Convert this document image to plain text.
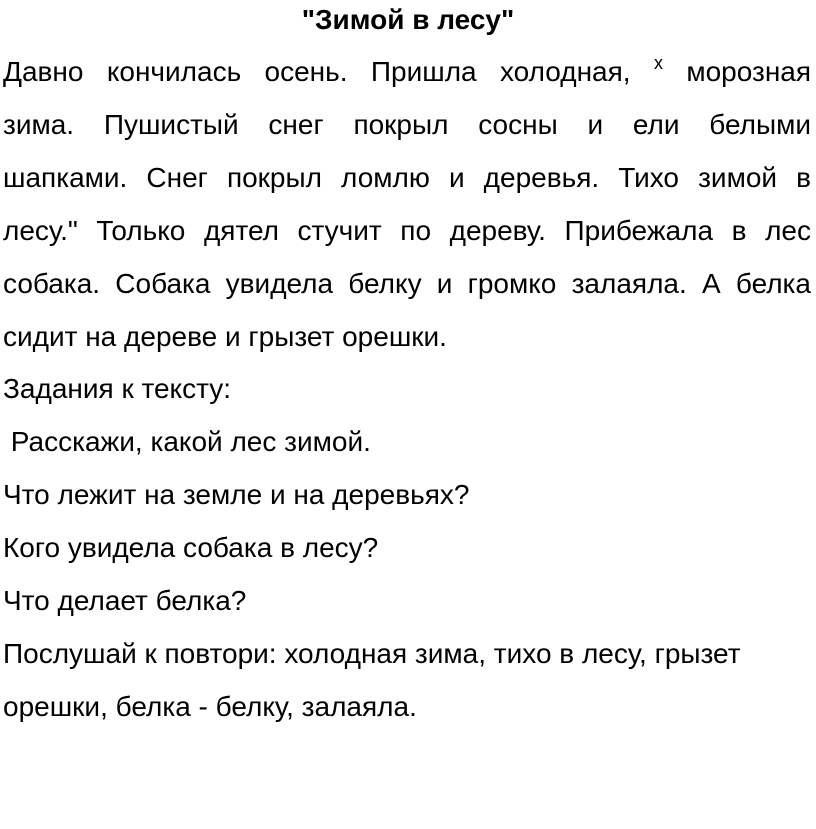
"Зимой в лесу"
Давно кончилась осень. Пришла холодная, $^х$ морозная
зима. Пушистый снег покрыл сосны и ели белыми
шапками. Снег покрыл ломлю и деревья. Тихо зимой в
лесу." Только дятел стучит по дереву. Прибежала в лес
собака. Собака увидела белку и громко залаяла. А белка
сидит на дереве и грызет орешки.
Задания к тексту:
Расскажи, какой лес зимой.
Что лежит на земле и на деревьях?
Кого увидела собака в лесу?
Что делает белка?
Послушай к повтори: холодная зима, тихо в лесу, грызет
орешки, белка - белку, залаяла.
